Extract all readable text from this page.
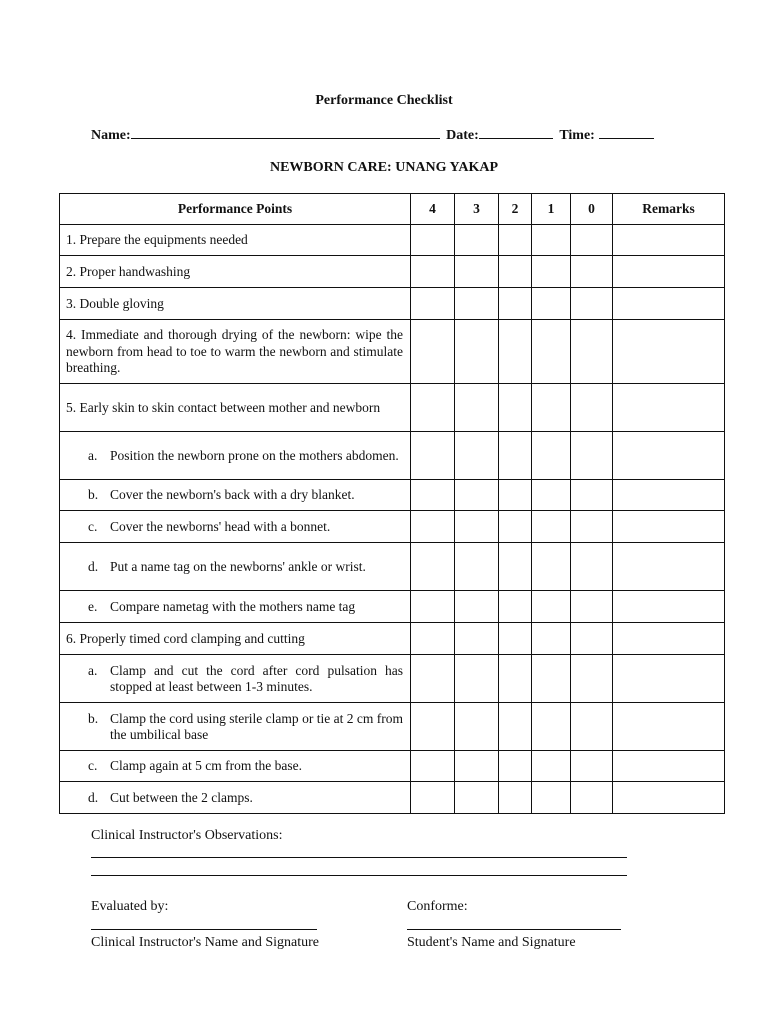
Performance Checklist
Name:	Date:	Time:
NEWBORN CARE: UNANG YAKAP
Performance Points	4	3	2	1	0	Remarks
1. Prepare the equipments needed						
2. Proper handwashing						
3. Double gloving						
4. Immediate and thorough drying of the newborn: wipe the newborn from head to toe to warm the newborn and stimulate breathing.						
5. Early skin to skin contact between mother and newborn						

a. Position the newborn prone on the mothers abdomen.						

b. Cover the newborn's back with a dry blanket.						

c. Cover the newborns' head with a bonnet.						

d. Put a name tag on the newborns' ankle or wrist.						

e. Compare nametag with the mothers name tag						

6. Properly timed cord clamping and cutting						

a. Clamp and cut the cord after cord pulsation has stopped at least between 1-3 minutes.						

b. Clamp the cord using sterile clamp or tie at 2 cm from the umbilical base						

c. Clamp again at 5 cm from the base.						

d. Cut between the 2 clamps.						

Clinical Instructor's Observations:
Evaluated by:	Conforme:
Clinical Instructor's Name and Signature	Student's Name and Signature
